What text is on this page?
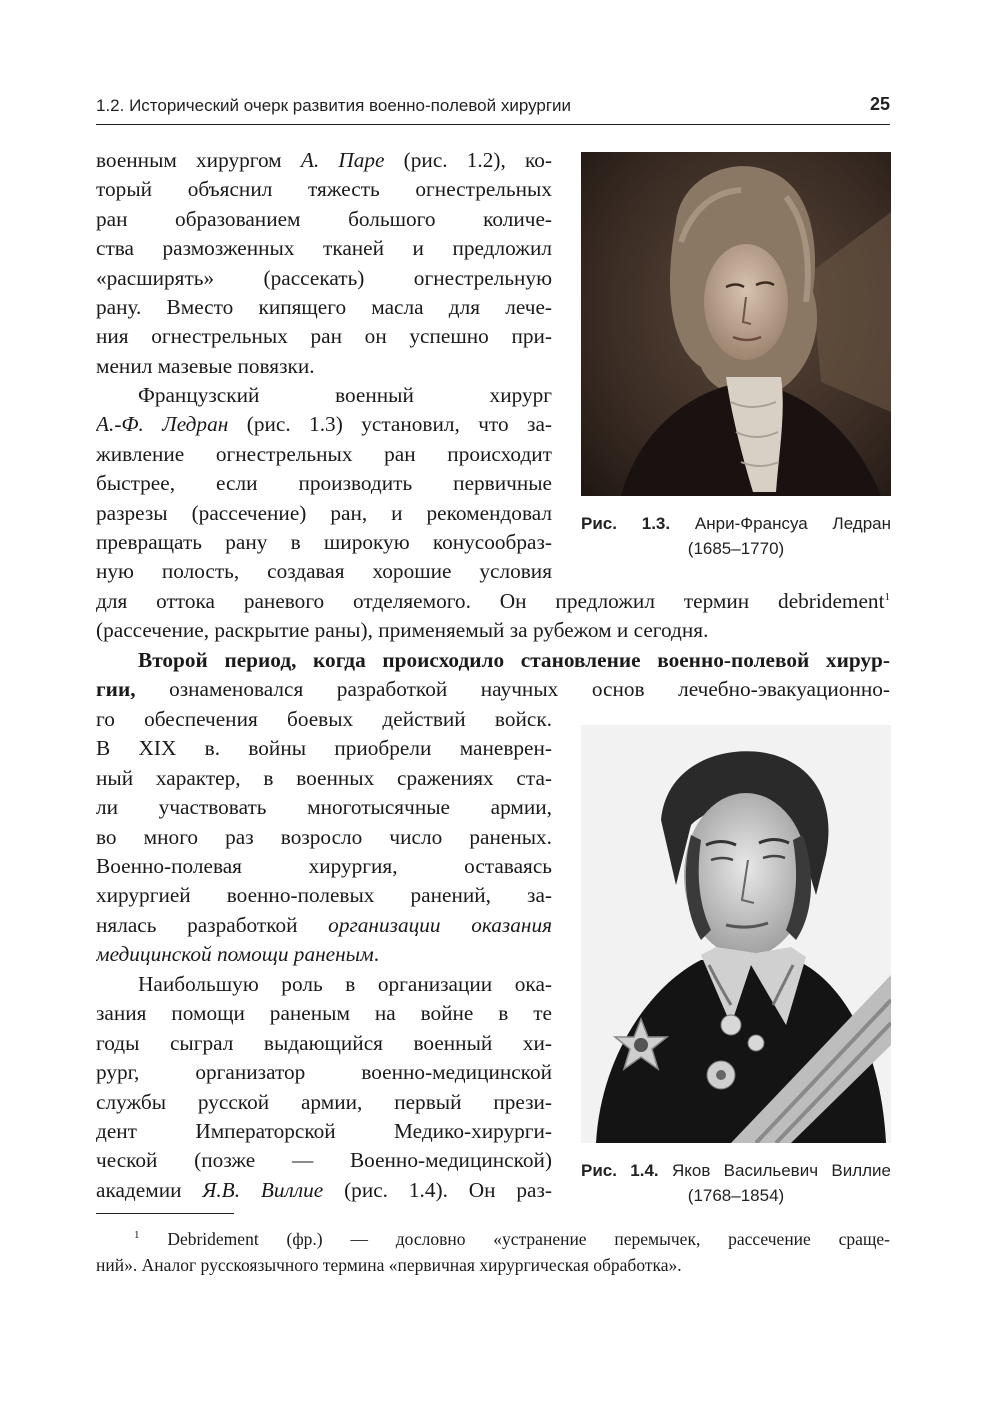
1.2. Исторический очерк развития военно-полевой хирургии	25
военным хирургом А. Паре (рис. 1.2), ко-
торый объяснил тяжесть огнестрельных
ран образованием большого количе-
ства размозженных тканей и предложил
«расширять» (рассекать) огнестрельную
рану. Вместо кипящего масла для лече-
ния огнестрельных ран он успешно при-
менил мазевые повязки.
Французский военный хирург
А.-Ф. Ледран (рис. 1.3) установил, что за-
живление огнестрельных ран происходит
быстрее, если производить первичные
разрезы (рассечение) ран, и рекомендовал
превращать рану в широкую конусообраз-
ную полость, создавая хорошие условия
для оттока раневого отделяемого. Он предложил термин debridement$^1$
(рассечение, раскрытие раны), применяемый за рубежом и сегодня.
Второй период, когда происходило становление военно-полевой хирур-
гии, ознаменовался разработкой научных основ лечебно-эвакуационно-
го обеспечения боевых действий войск.
В XIX в. войны приобрели маневрен-
ный характер, в военных сражениях ста-
ли участвовать многотысячные армии,
во много раз возросло число раненых.
Военно-полевая хирургия, оставаясь
хирургией военно-полевых ранений, за-
нялась разработкой организации оказания
медицинской помощи раненым.
Наибольшую роль в организации ока-
зания помощи раненым на войне в те
годы сыграл выдающийся военный хи-
рург, организатор военно-медицинской
службы русской армии, первый прези-
дент Императорской Медико-хирурги-
ческой (позже — Военно-медицинской)
академии Я.В. Виллие (рис. 1.4). Он раз-
Рис. 1.3. Анри-Франсуа Ледран
(1685–1770)
Рис. 1.4. Яков Васильевич Виллие
(1768–1854)
$^1$ Debridement (фр.) — дословно «устранение перемычек, рассечение сраще-
ний». Аналог русскоязычного термина «первичная хирургическая обработка».
